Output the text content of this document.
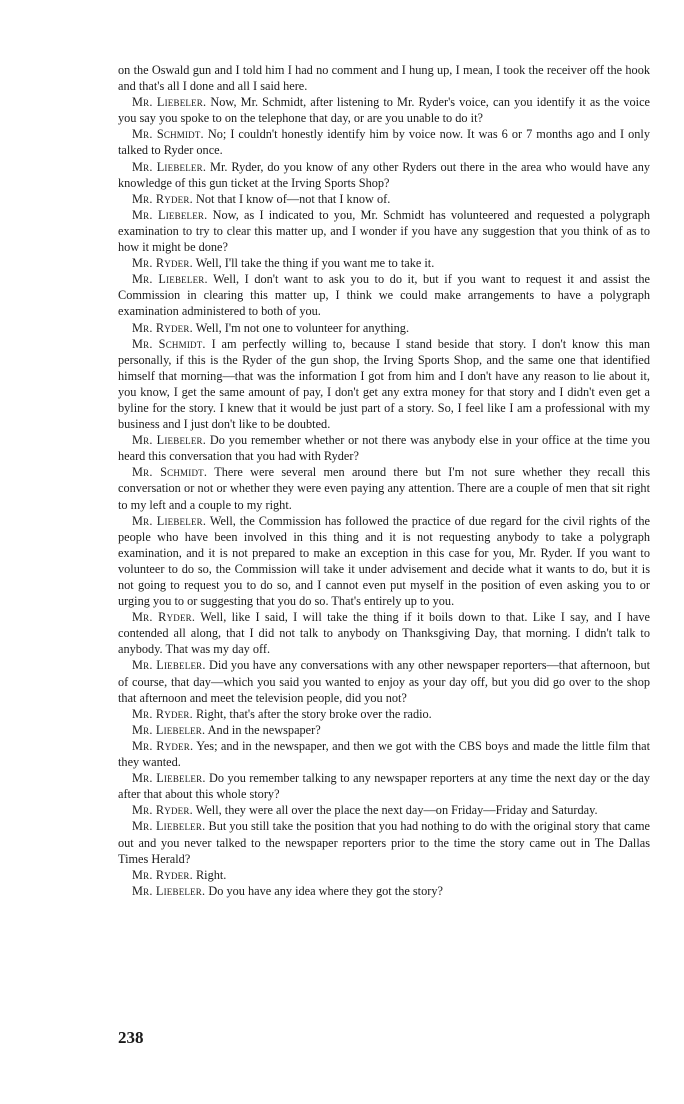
on the Oswald gun and I told him I had no comment and I hung up, I mean, I took the receiver off the hook and that's all I done and all I said here.

Mr. Liebeler. Now, Mr. Schmidt, after listening to Mr. Ryder's voice, can you identify it as the voice you say you spoke to on the telephone that day, or are you unable to do it?

Mr. Schmidt. No; I couldn't honestly identify him by voice now. It was 6 or 7 months ago and I only talked to Ryder once.

Mr. Liebeler. Mr. Ryder, do you know of any other Ryders out there in the area who would have any knowledge of this gun ticket at the Irving Sports Shop?

Mr. Ryder. Not that I know of—not that I know of.

Mr. Liebeler. Now, as I indicated to you, Mr. Schmidt has volunteered and requested a polygraph examination to try to clear this matter up, and I wonder if you have any suggestion that you think of as to how it might be done?

Mr. Ryder. Well, I'll take the thing if you want me to take it.

Mr. Liebeler. Well, I don't want to ask you to do it, but if you want to request it and assist the Commission in clearing this matter up, I think we could make arrangements to have a polygraph examination administered to both of you.

Mr. Ryder. Well, I'm not one to volunteer for anything.

Mr. Schmidt. I am perfectly willing to, because I stand beside that story. I don't know this man personally, if this is the Ryder of the gun shop, the Irving Sports Shop, and the same one that identified himself that morning—that was the information I got from him and I don't have any reason to lie about it, you know, I get the same amount of pay, I don't get any extra money for that story and I didn't even get a byline for the story. I knew that it would be just part of a story. So, I feel like I am a professional with my business and I just don't like to be doubted.

Mr. Liebeler. Do you remember whether or not there was anybody else in your office at the time you heard this conversation that you had with Ryder?

Mr. Schmidt. There were several men around there but I'm not sure whether they recall this conversation or not or whether they were even paying any attention. There are a couple of men that sit right to my left and a couple to my right.

Mr. Liebeler. Well, the Commission has followed the practice of due regard for the civil rights of the people who have been involved in this thing and it is not requesting anybody to take a polygraph examination, and it is not prepared to make an exception in this case for you, Mr. Ryder. If you want to volunteer to do so, the Commission will take it under advisement and decide what it wants to do, but it is not going to request you to do so, and I cannot even put myself in the position of even asking you to or urging you to or suggesting that you do so. That's entirely up to you.

Mr. Ryder. Well, like I said, I will take the thing if it boils down to that. Like I say, and I have contended all along, that I did not talk to anybody on Thanksgiving Day, that morning. I didn't talk to anybody. That was my day off.

Mr. Liebeler. Did you have any conversations with any other newspaper reporters—that afternoon, but of course, that day—which you said you wanted to enjoy as your day off, but you did go over to the shop that afternoon and meet the television people, did you not?

Mr. Ryder. Right, that's after the story broke over the radio.

Mr. Liebeler. And in the newspaper?

Mr. Ryder. Yes; and in the newspaper, and then we got with the CBS boys and made the little film that they wanted.

Mr. Liebeler. Do you remember talking to any newspaper reporters at any time the next day or the day after that about this whole story?

Mr. Ryder. Well, they were all over the place the next day—on Friday—Friday and Saturday.

Mr. Liebeler. But you still take the position that you had nothing to do with the original story that came out and you never talked to the newspaper reporters prior to the time the story came out in The Dallas Times Herald?

Mr. Ryder. Right.

Mr. Liebeler. Do you have any idea where they got the story?

238
